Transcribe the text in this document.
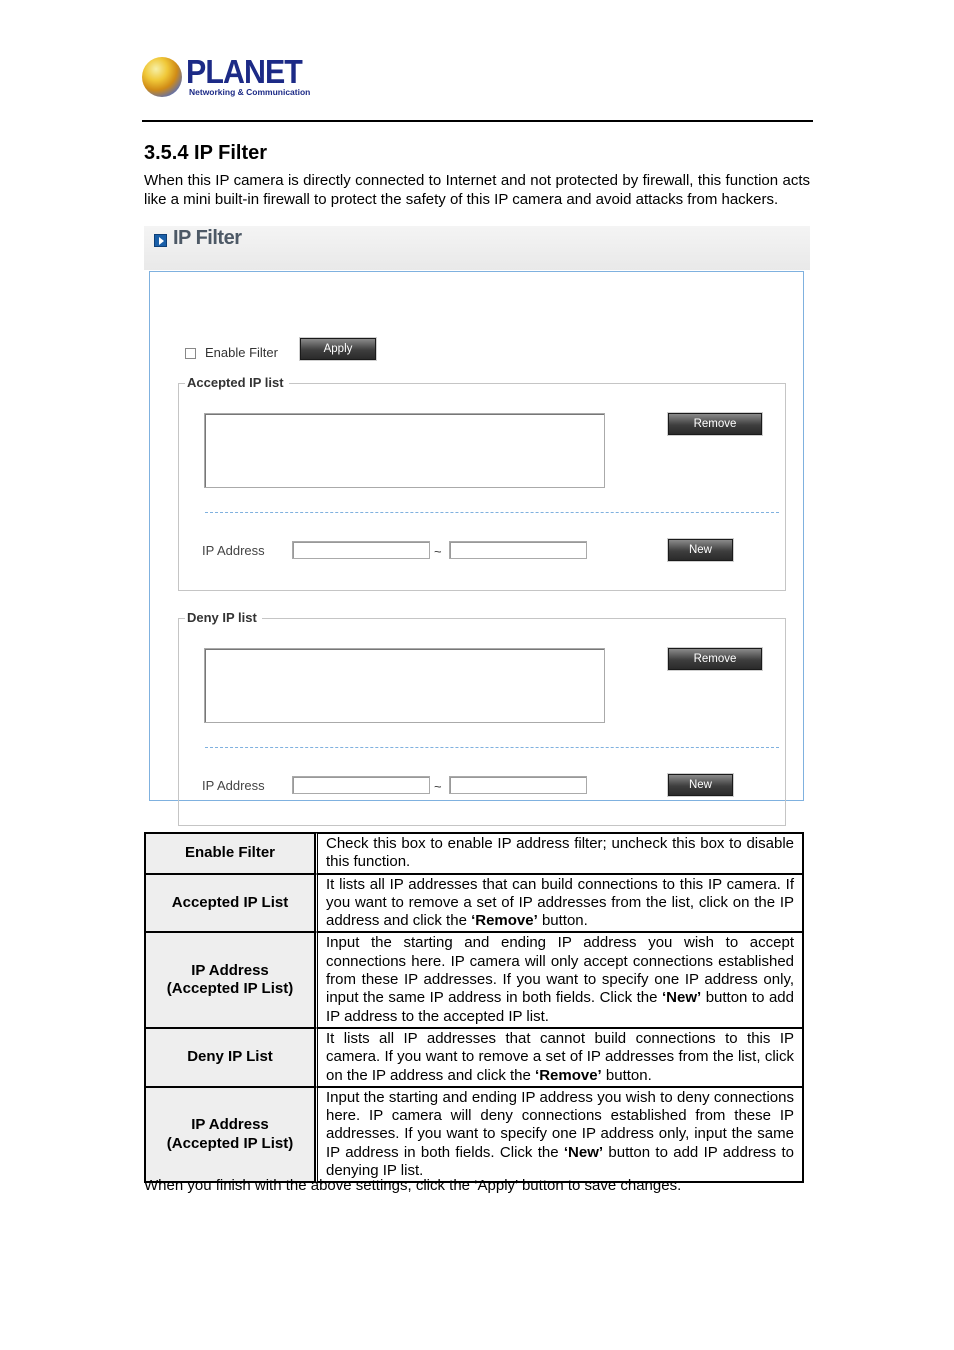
PLANET
Networking & Communication
3.5.4 IP Filter
When this IP camera is directly connected to Internet and not protected by firewall, this function acts like a mini built-in firewall to protect the safety of this IP camera and avoid attacks from hackers.
IP Filter
Enable Filter	Apply
Accepted IP list
Remove
IP Address	~	New
Deny IP list
Remove
IP Address	~	New
Enable Filter	Check this box to enable IP address filter; uncheck this box to disable this function.
Accepted IP List	It lists all IP addresses that can build connections to this IP camera. If you want to remove a set of IP addresses from the list, click on the IP address and click the ‘Remove’ button.
IP Address
(Accepted IP List)	Input the starting and ending IP address you wish to accept connections here. IP camera will only accept connections established from these IP addresses. If you want to specify one IP address only, input the same IP address in both fields. Click the ‘New’ button to add IP address to the accepted IP list.
Deny IP List	It lists all IP addresses that cannot build connections to this IP camera. If you want to remove a set of IP addresses from the list, click on the IP address and click the ‘Remove’ button.
IP Address
(Accepted IP List)	Input the starting and ending IP address you wish to deny connections here. IP camera will deny connections established from these IP addresses. If you want to specify one IP address only, input the same IP address in both fields. Click the ‘New’ button to add IP address to denying IP list.
When you finish with the above settings, click the ‘Apply’ button to save changes.
